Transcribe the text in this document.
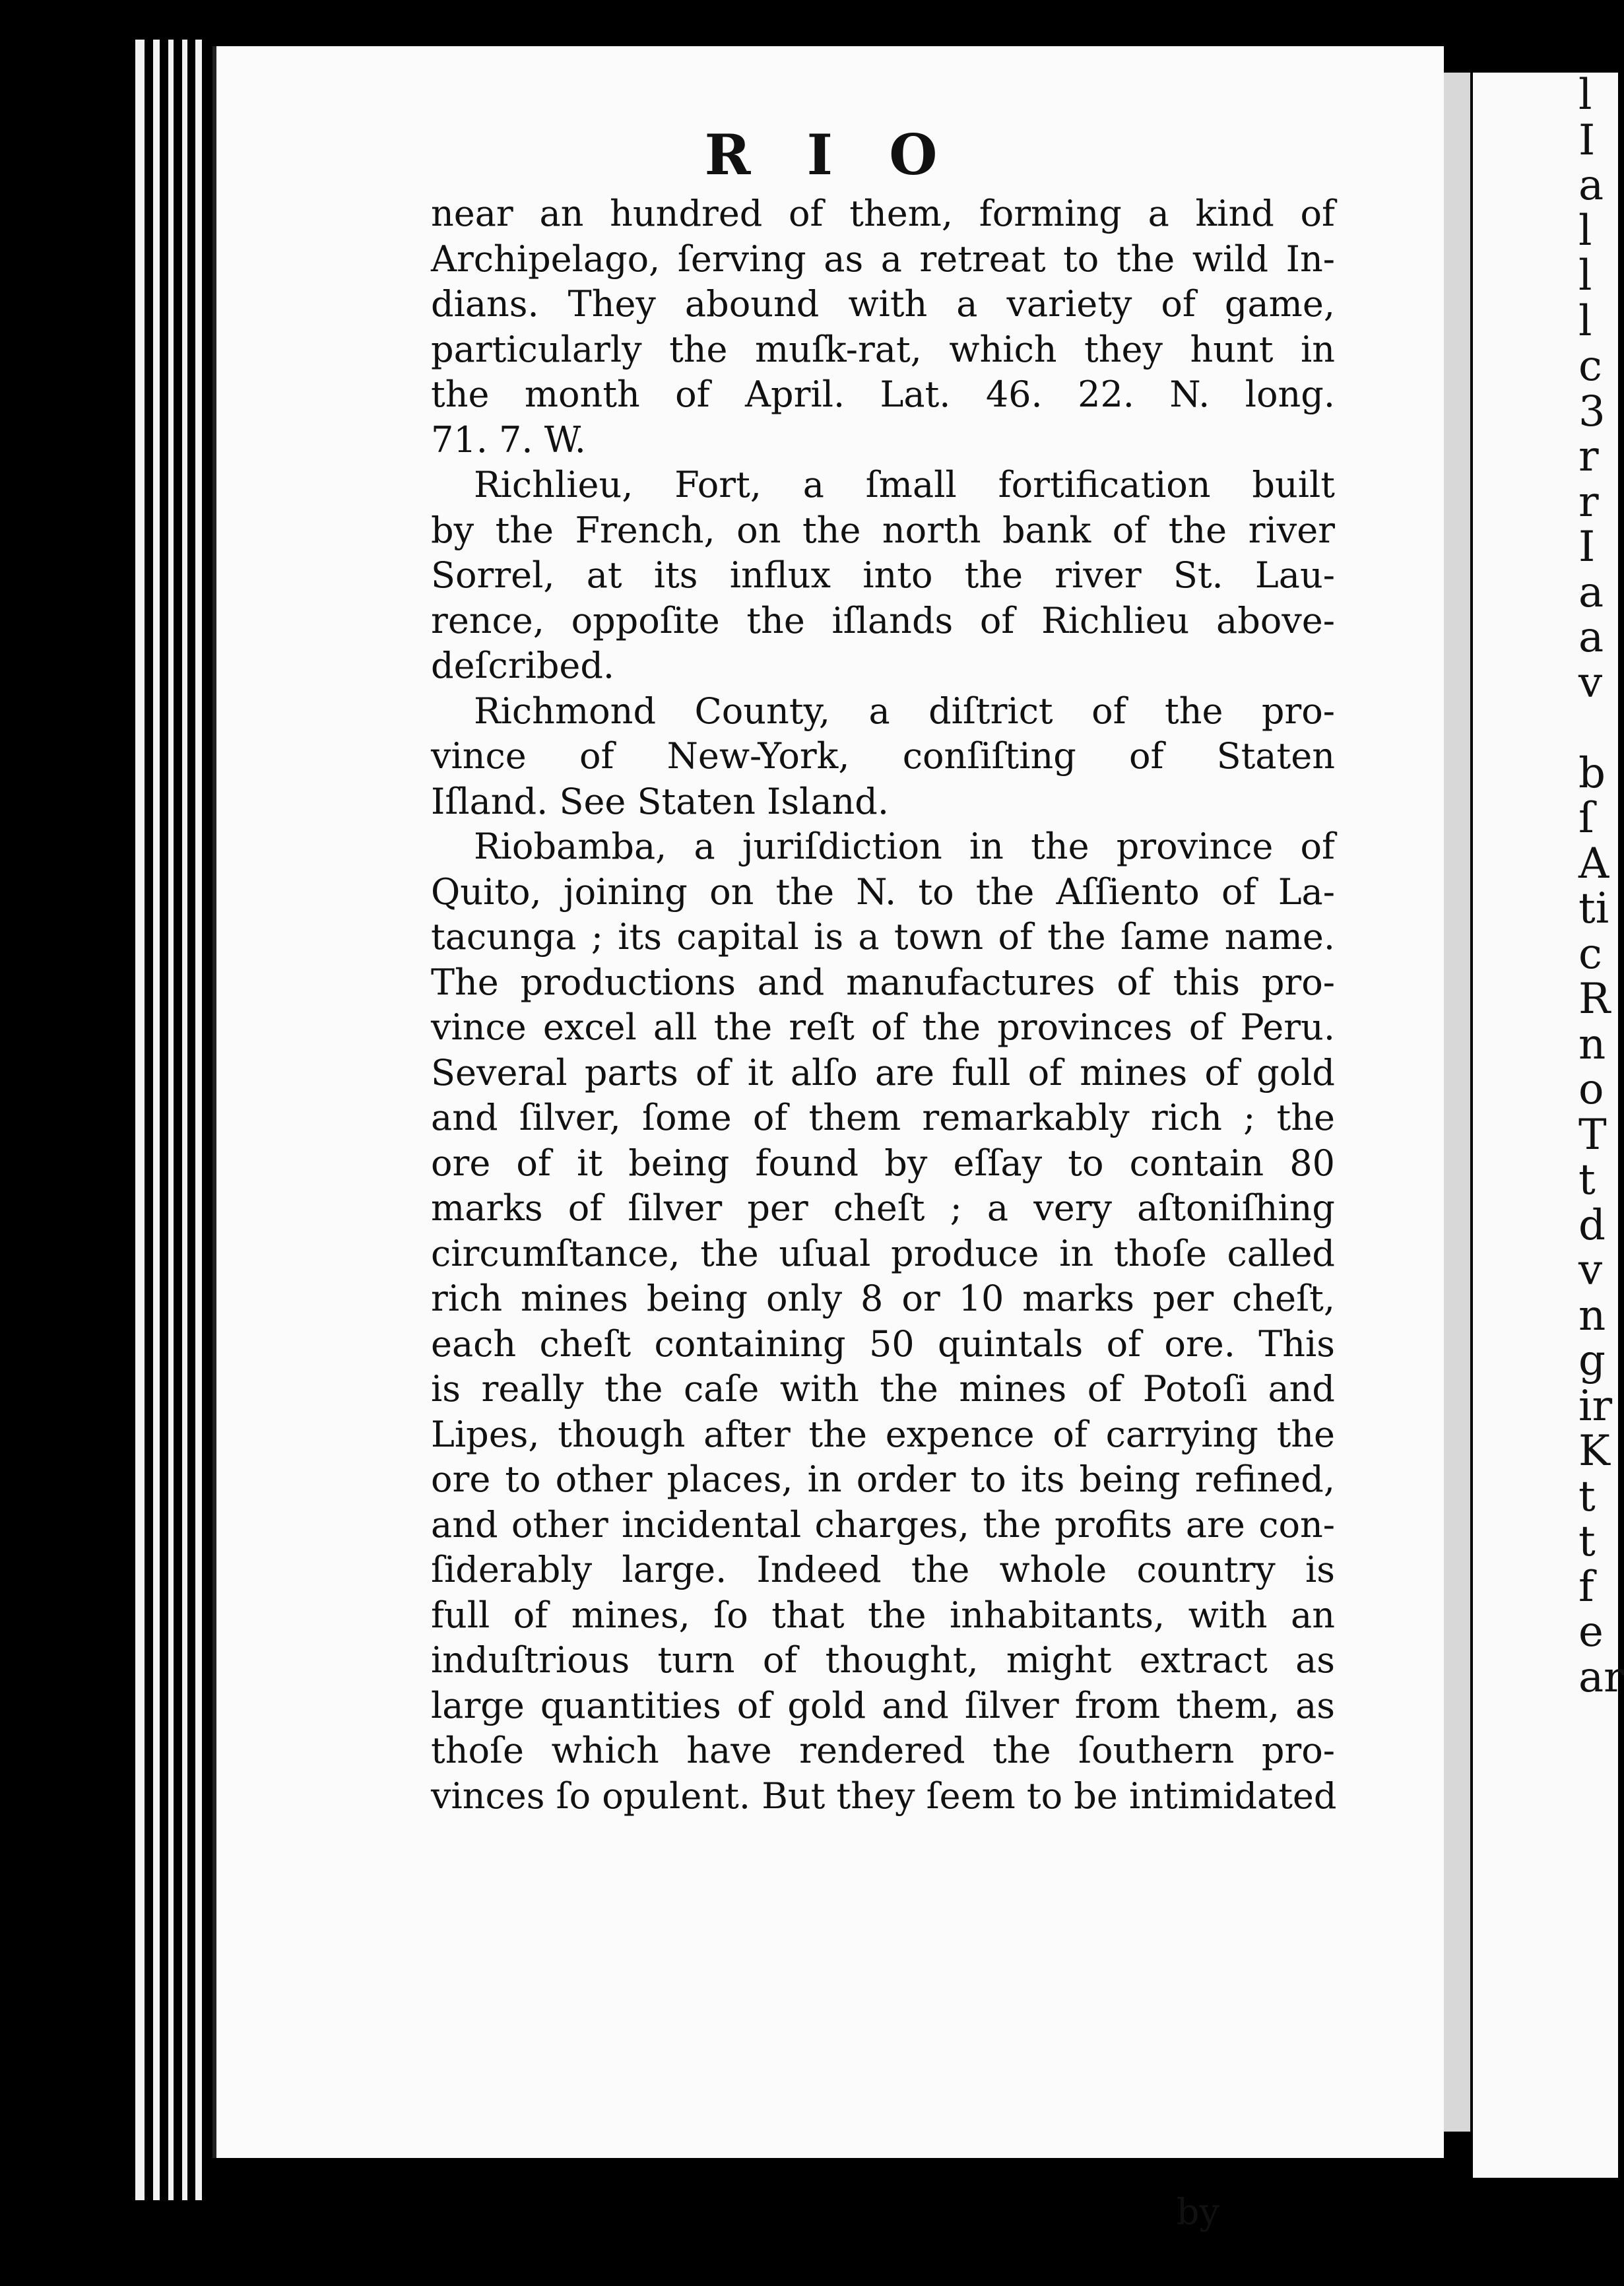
R I O
near an hundred of them, forming a kind of
Archipelago, ſerving as a retreat to the wild In-
dians. They abound with a variety of game,
particularly the muſk-rat, which they hunt in
the month of April. Lat. 46. 22. N. long.
71. 7. W.
Richlieu, Fort, a ſmall fortification built
by the French, on the north bank of the river
Sorrel, at its influx into the river St. Lau-
rence, oppoſite the iſlands of Richlieu above-
deſcribed.
Richmond County, a diſtrict of the pro-
vince of New-York, conſiſting of Staten
Iſland. See Staten Island.
Riobamba, a juriſdiction in the province of
Quito, joining on the N. to the Aſſiento of La-
tacunga ; its capital is a town of the ſame name.
The productions and manufactures of this pro-
vince excel all the reſt of the provinces of Peru.
Several parts of it alſo are full of mines of gold
and ſilver, ſome of them remarkably rich ; the
ore of it being found by eſſay to contain 80
marks of ſilver per cheſt ; a very aſtoniſhing
circumſtance, the uſual produce in thoſe called
rich mines being only 8 or 10 marks per cheſt,
each cheſt containing 50 quintals of ore. This
is really the caſe with the mines of Potoſi and
Lipes, though after the expence of carrying the
ore to other places, in order to its being refined,
and other incidental charges, the profits are con-
ſiderably large. Indeed the whole country is
full of mines, ſo that the inhabitants, with an
induſtrious turn of thought, might extract as
large quantities of gold and ſilver from them, as
thoſe which have rendered the ſouthern pro-
vinces ſo opulent. But they ſeem to be intimidated
by
l
I
a
l
l
l
c
3
r
r
I
a
a
v

b
ſ
A
ti
c
R
n
o
T
t
d
v
n
g
ir
K
t
t
f
e
ar
